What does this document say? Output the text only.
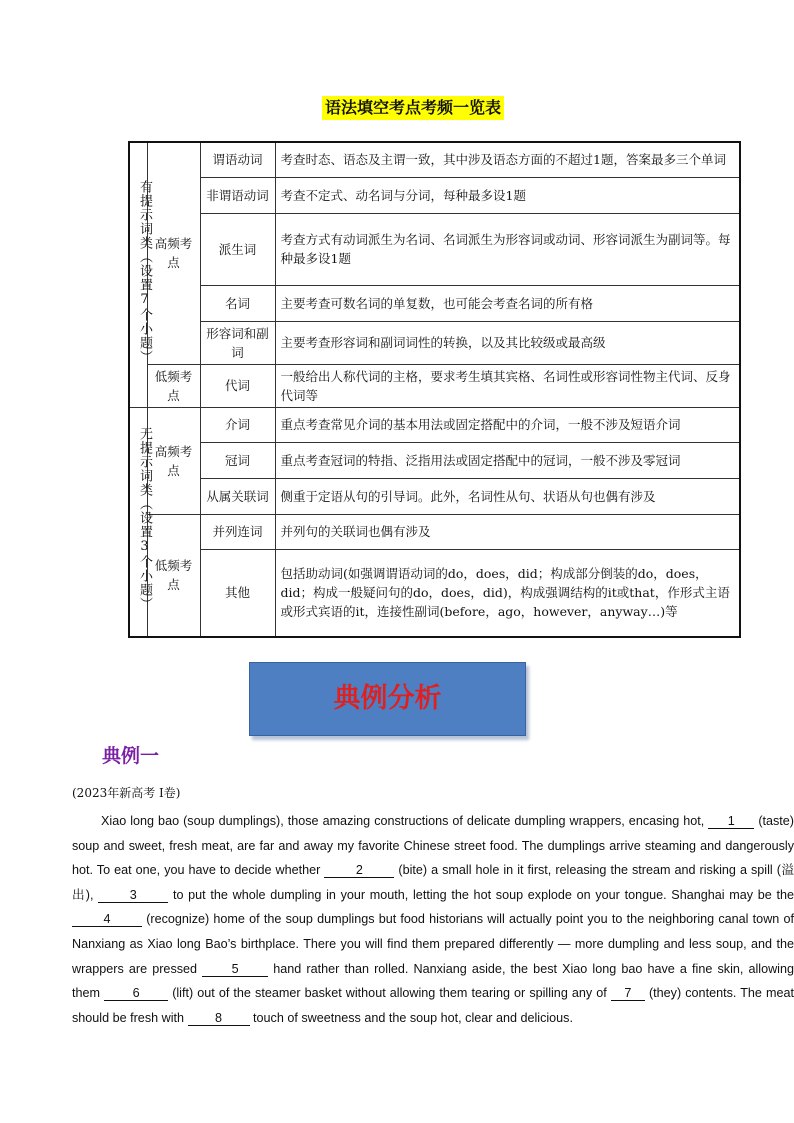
语法填空考点考频一览表
有提示词类（设置7个小题）	高频考点	谓语动词	考查时态、语态及主谓一致，其中涉及语态方面的不超过1题，答案最多三个单词
		非谓语动词	考查不定式、动名词与分词，每种最多设1题
		派生词	考查方式有动词派生为名词、名词派生为形容词或动词、形容词派生为副词等。每种最多设1题
		名词	主要考查可数名词的单复数，也可能会考查名词的所有格
		形容词和副词	主要考查形容词和副词词性的转换，以及其比较级或最高级
	低频考点	代词	一般给出人称代词的主格，要求考生填其宾格、名词性或形容词性物主代词、反身代词等
无提示词类（设置3个小题）	高频考点	介词	重点考查常见介词的基本用法或固定搭配中的介词，一般不涉及短语介词
		冠词	重点考查冠词的特指、泛指用法或固定搭配中的冠词，一般不涉及零冠词
		从属关联词	侧重于定语从句的引导词。此外，名词性从句、状语从句也偶有涉及
	低频考点	并列连词	并列句的关联词也偶有涉及
		其他	包括助动词(如强调谓语动词的do，does，did；构成部分倒装的do，does，did；构成一般疑问句的do，does，did)，构成强调结构的it或that，作形式主语或形式宾语的it，连接性副词(before，ago，however，anyway…)等
典例分析
典例一
(2023年新高考 I卷)
Xiao long bao (soup dumplings), those amazing constructions of delicate dumpling wrappers, encasing hot, 1 (taste) soup and sweet, fresh meat, are far and away my favorite Chinese street food. The dumplings arrive steaming and dangerously hot. To eat one, you have to decide whether	2	(bite) a small hole in it first, releasing the stream and risking a spill (溢出),	3	to put the whole dumpling in your mouth, letting the hot soup explode on your tongue. Shanghai may be the 4	(recognize) home of the soup dumplings but food historians will actually point you to the neighboring canal town of Nanxiang as Xiao long Bao’s birthplace. There you will find them prepared differently — more dumpling and less soup, and the wrappers are pressed	5	hand rather than rolled. Nanxiang aside, the best Xiao long bao have a fine skin, allowing them	6	(lift) out of the steamer basket without allowing them tearing or spilling any of 7 (they) contents. The meat should be fresh with 8 touch of sweetness and the soup hot, clear and delicious.
